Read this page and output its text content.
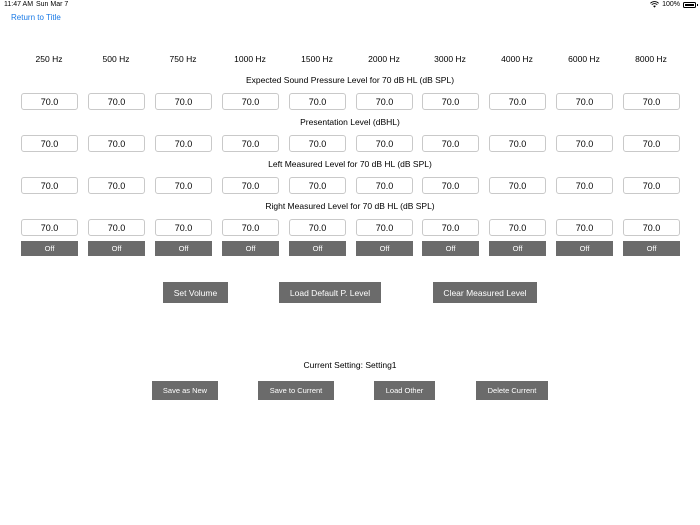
11:47 AM Sun Mar 7	100%
Return to Title
250 Hz	500 Hz	750 Hz	1000 Hz	1500 Hz	2000 Hz	3000 Hz	4000 Hz	6000 Hz	8000 Hz
Expected Sound Pressure Level for 70 dB HL (dB SPL)
70.0	70.0	70.0	70.0	70.0	70.0	70.0	70.0	70.0	70.0
Presentation Level (dBHL)
70.0	70.0	70.0	70.0	70.0	70.0	70.0	70.0	70.0	70.0
Left Measured Level for 70 dB HL (dB SPL)
70.0	70.0	70.0	70.0	70.0	70.0	70.0	70.0	70.0	70.0
Right Measured Level for 70 dB HL (dB SPL)
70.0	70.0	70.0	70.0	70.0	70.0	70.0	70.0	70.0	70.0
Off	Off	Off	Off	Off	Off	Off	Off	Off	Off
Set Volume	Load Default P. Level	Clear Measured Level
Current Setting: Setting1
Save as New	Save to Current	Load Other	Delete Current
